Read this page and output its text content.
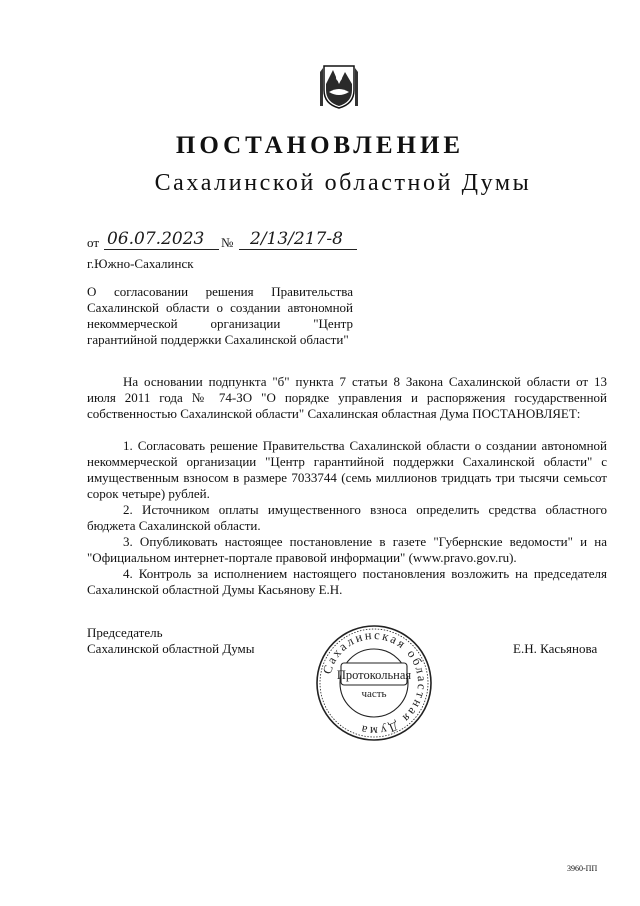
ПОСТАНОВЛЕНИЕ
Сахалинской областной Думы
от 06.07.2023 № 2/13/217-8
г.Южно-Сахалинск

О согласовании решения Правительства Сахалинской области о создании автономной некоммерческой организации "Центр гарантийной поддержки Сахалинской области"

На основании подпункта "б" пункта 7 статьи 8 Закона Сахалинской области от 13 июля 2011 года № 74-ЗО "О порядке управления и распоряжения государственной собственностью Сахалинской области" Сахалинская областная Дума ПОСТАНОВЛЯЕТ:

1. Согласовать решение Правительства Сахалинской области о создании автономной некоммерческой организации "Центр гарантийной поддержки Сахалинской области" с имущественным взносом в размере 7033744 (семь миллионов тридцать три тысячи семьсот сорок четыре) рублей.

2. Источником оплаты имущественного взноса определить средства областного бюджета Сахалинской области.

3. Опубликовать настоящее постановление в газете "Губернские ведомости" и на "Официальном интернет-портале правовой информации" (www.pravo.gov.ru).

4. Контроль за исполнением настоящего постановления возложить на председателя Сахалинской областной Думы Касьянову Е.Н.

Председатель
Сахалинской областной Думы	Е.Н. Касьянова
Сахалинская областная Дума
Протокольная
часть
3960-ПП
